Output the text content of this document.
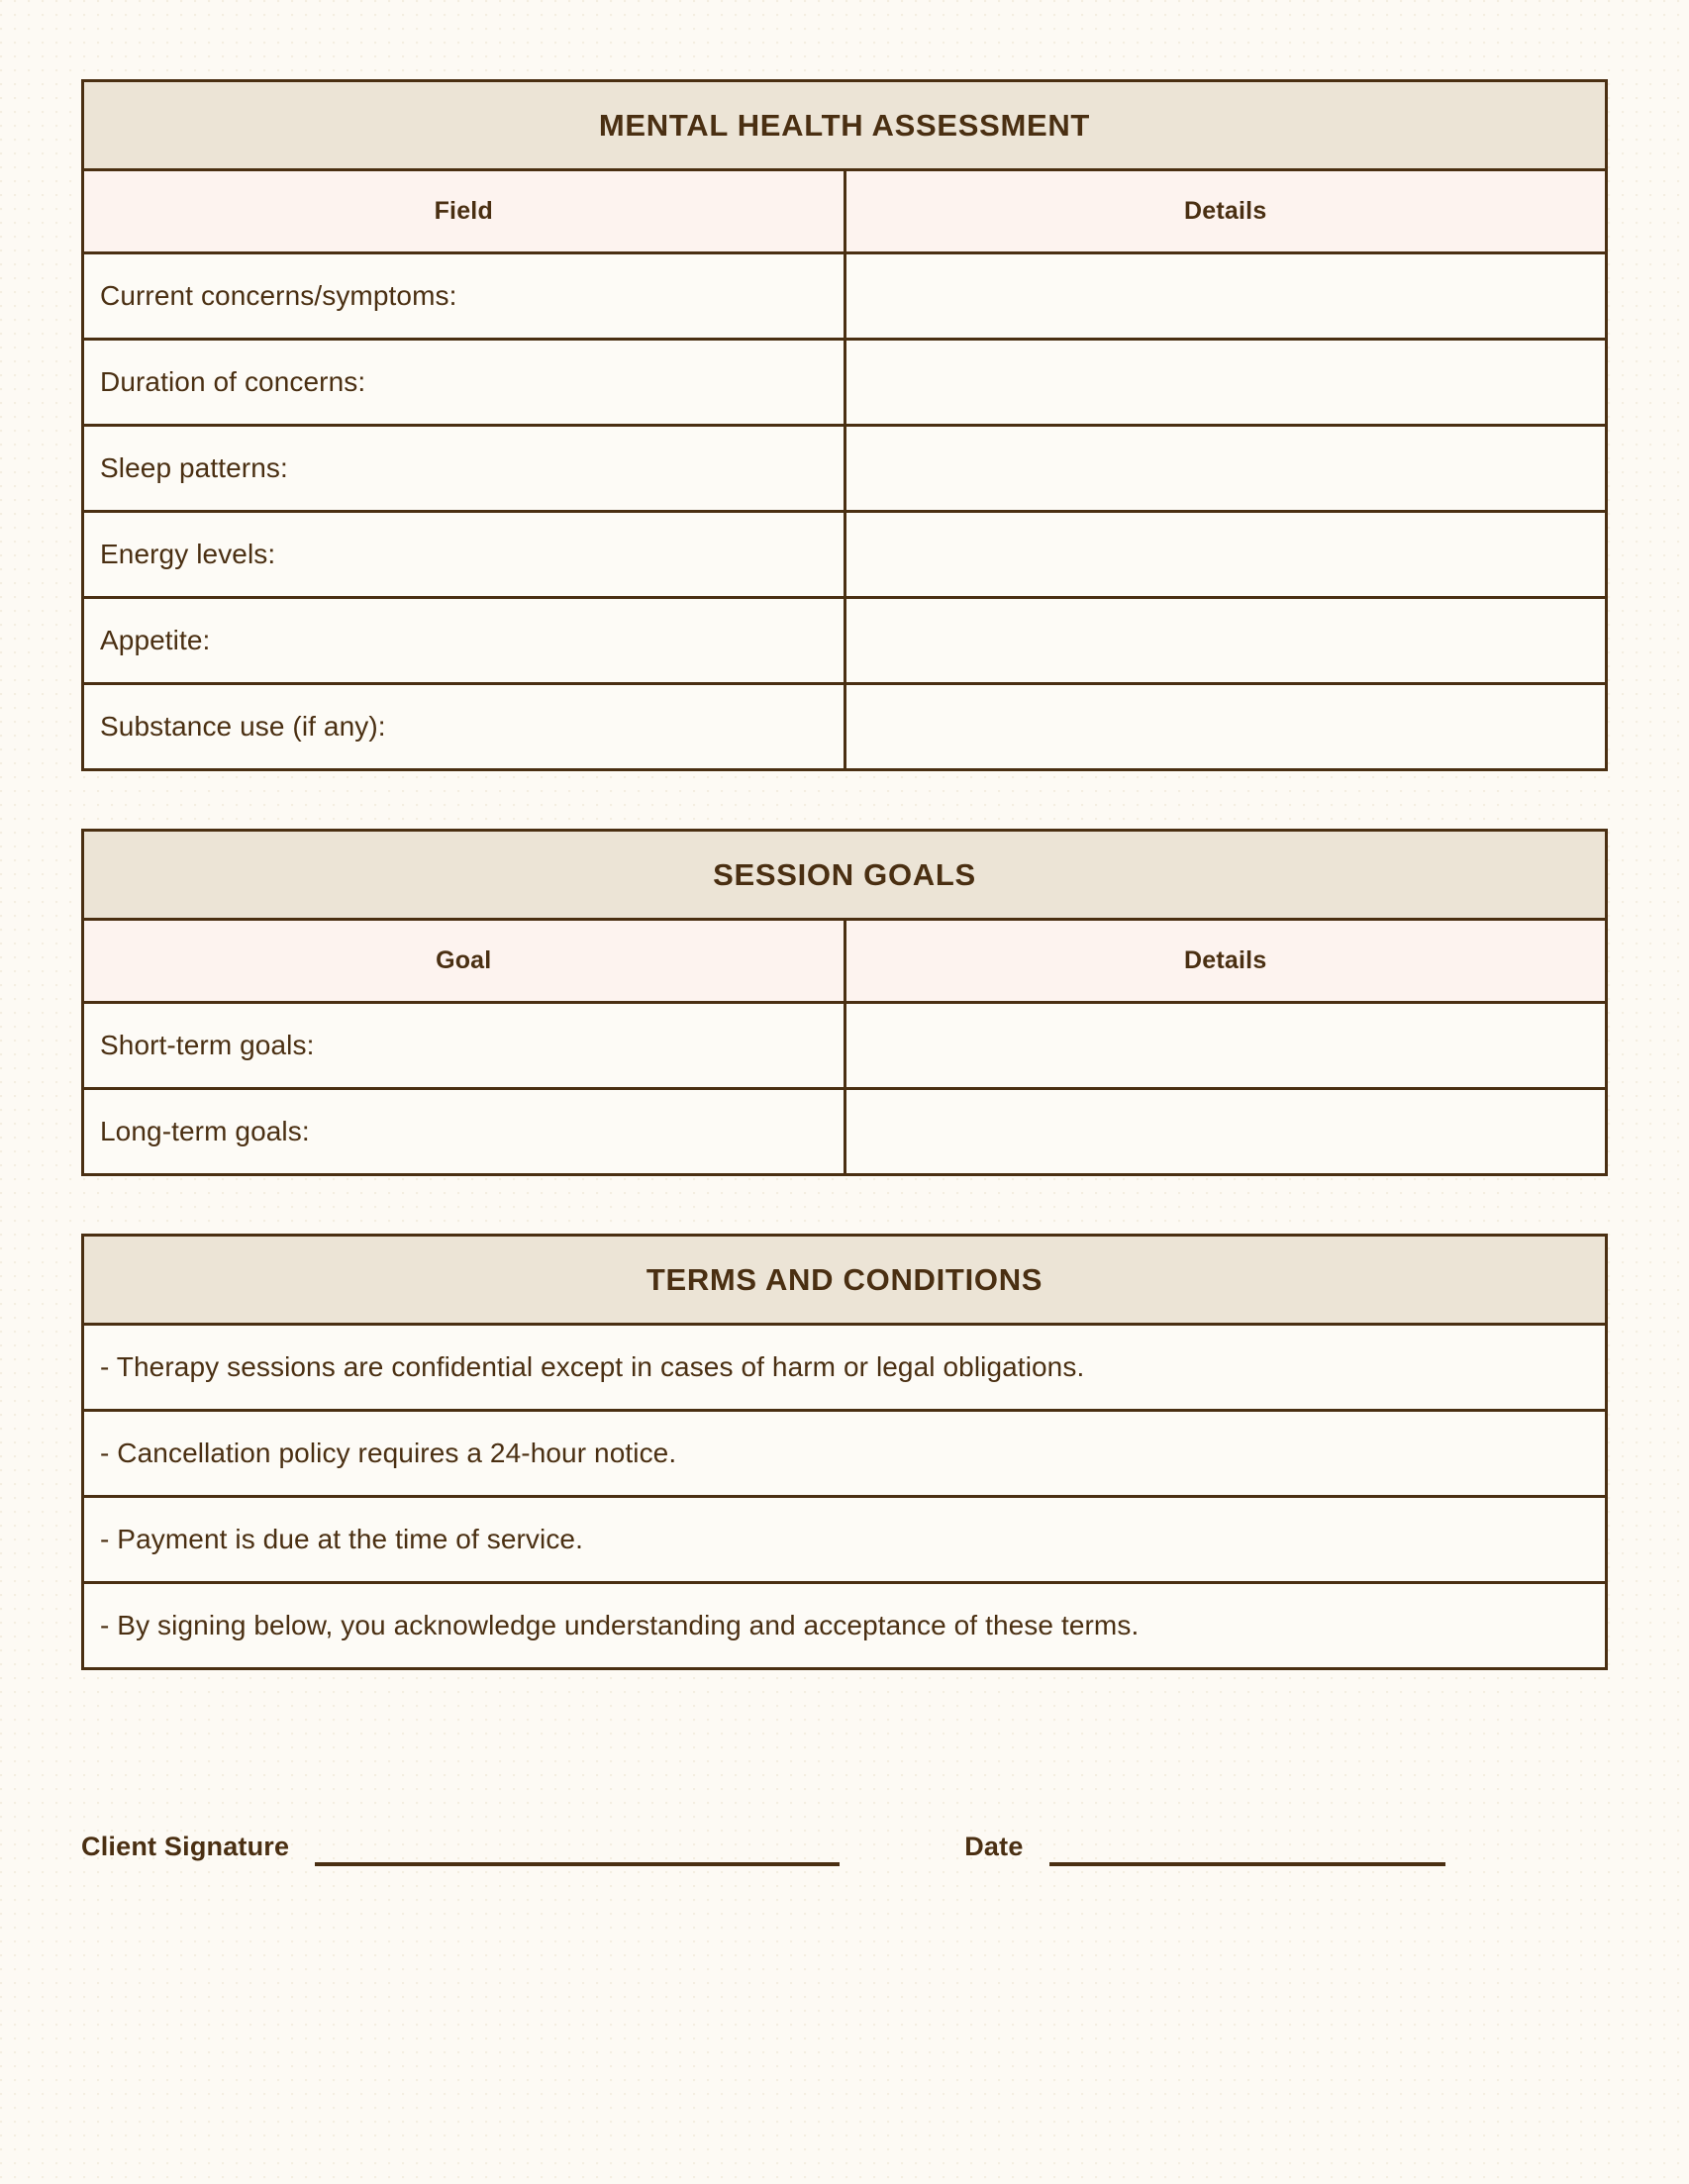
MENTAL HEALTH ASSESSMENT	

Field	Details

Current concerns/symptoms:	

Duration of concerns:	

Sleep patterns:	

Energy levels:	

Appetite:	

Substance use (if any):	

SESSION GOALS	

Goal	Details

Short-term goals:	

Long-term goals:	

TERMS AND CONDITIONS

- Therapy sessions are confidential except in cases of harm or legal obligations.

- Cancellation policy requires a 24-hour notice.

- Payment is due at the time of service.

- By signing below, you acknowledge understanding and acceptance of these terms.
Client Signature	Date
